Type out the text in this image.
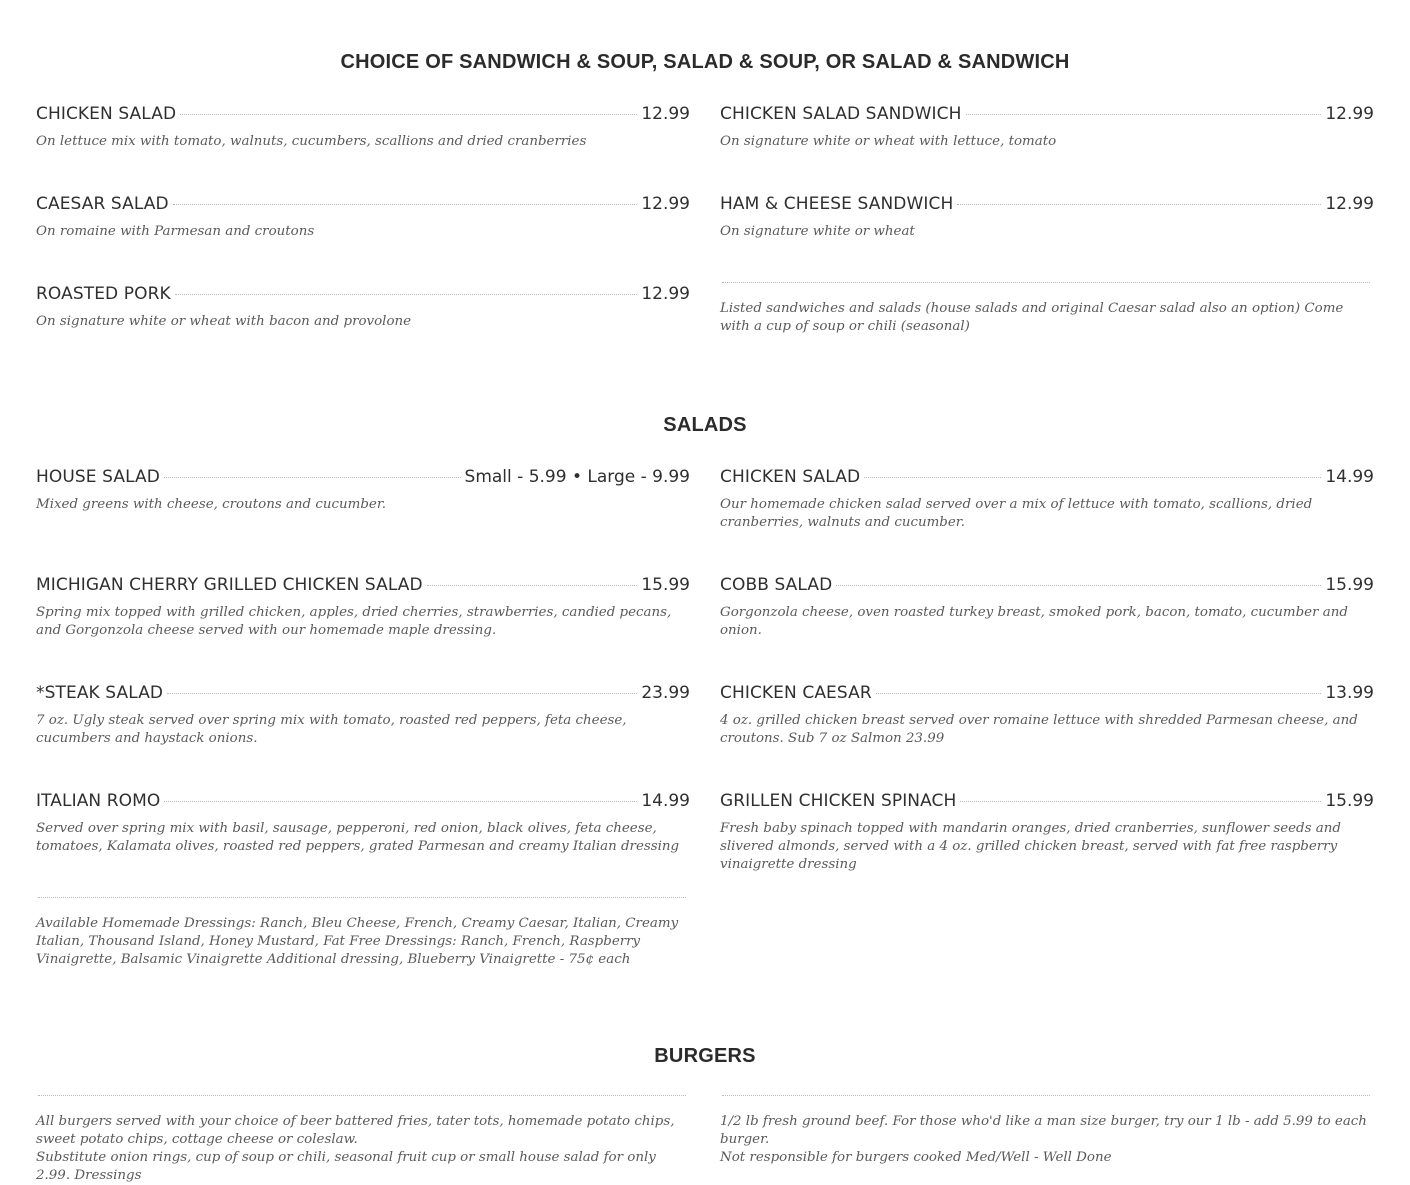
CHOICE OF SANDWICH & SOUP, SALAD & SOUP, OR SALAD & SANDWICH
CHICKEN SALAD	12.99
On lettuce mix with tomato, walnuts, cucumbers, scallions and dried cranberries
CAESAR SALAD	12.99
On romaine with Parmesan and croutons
ROASTED PORK	12.99
On signature white or wheat with bacon and provolone
CHICKEN SALAD SANDWICH	12.99
On signature white or wheat with lettuce, tomato
HAM & CHEESE SANDWICH	12.99
On signature white or wheat
Listed sandwiches and salads (house salads and original Caesar salad also an option) Come with a cup of soup or chili (seasonal)
SALADS
HOUSE SALAD	Small - 5.99 • Large - 9.99
Mixed greens with cheese, croutons and cucumber.
MICHIGAN CHERRY GRILLED CHICKEN SALAD	15.99
Spring mix topped with grilled chicken, apples, dried cherries, strawberries, candied pecans, and Gorgonzola cheese served with our homemade maple dressing.
*STEAK SALAD	23.99
7 oz. Ugly steak served over spring mix with tomato, roasted red peppers, feta cheese, cucumbers and haystack onions.
ITALIAN ROMO	14.99
Served over spring mix with basil, sausage, pepperoni, red onion, black olives, feta cheese, tomatoes, Kalamata olives, roasted red peppers, grated Parmesan and creamy Italian dressing
Available Homemade Dressings: Ranch, Bleu Cheese, French, Creamy Caesar, Italian, Creamy Italian, Thousand Island, Honey Mustard, Fat Free Dressings: Ranch, French, Raspberry Vinaigrette, Balsamic Vinaigrette Additional dressing, Blueberry Vinaigrette - 75¢ each
CHICKEN SALAD	14.99
Our homemade chicken salad served over a mix of lettuce with tomato, scallions, dried cranberries, walnuts and cucumber.
COBB SALAD	15.99
Gorgonzola cheese, oven roasted turkey breast, smoked pork, bacon, tomato, cucumber and onion.
CHICKEN CAESAR	13.99
4 oz. grilled chicken breast served over romaine lettuce with shredded Parmesan cheese, and croutons. Sub 7 oz Salmon 23.99
GRILLEN CHICKEN SPINACH	15.99
Fresh baby spinach topped with mandarin oranges, dried cranberries, sunflower seeds and slivered almonds, served with a 4 oz. grilled chicken breast, served with fat free raspberry vinaigrette dressing
BURGERS
All burgers served with your choice of beer battered fries, tater tots, homemade potato chips, sweet potato chips, cottage cheese or coleslaw.
Substitute onion rings, cup of soup or chili, seasonal fruit cup or small house salad for only 2.99. Dressings
1/2 lb fresh ground beef. For those who'd like a man size burger, try our 1 lb - add 5.99 to each burger.
Not responsible for burgers cooked Med/Well - Well Done
